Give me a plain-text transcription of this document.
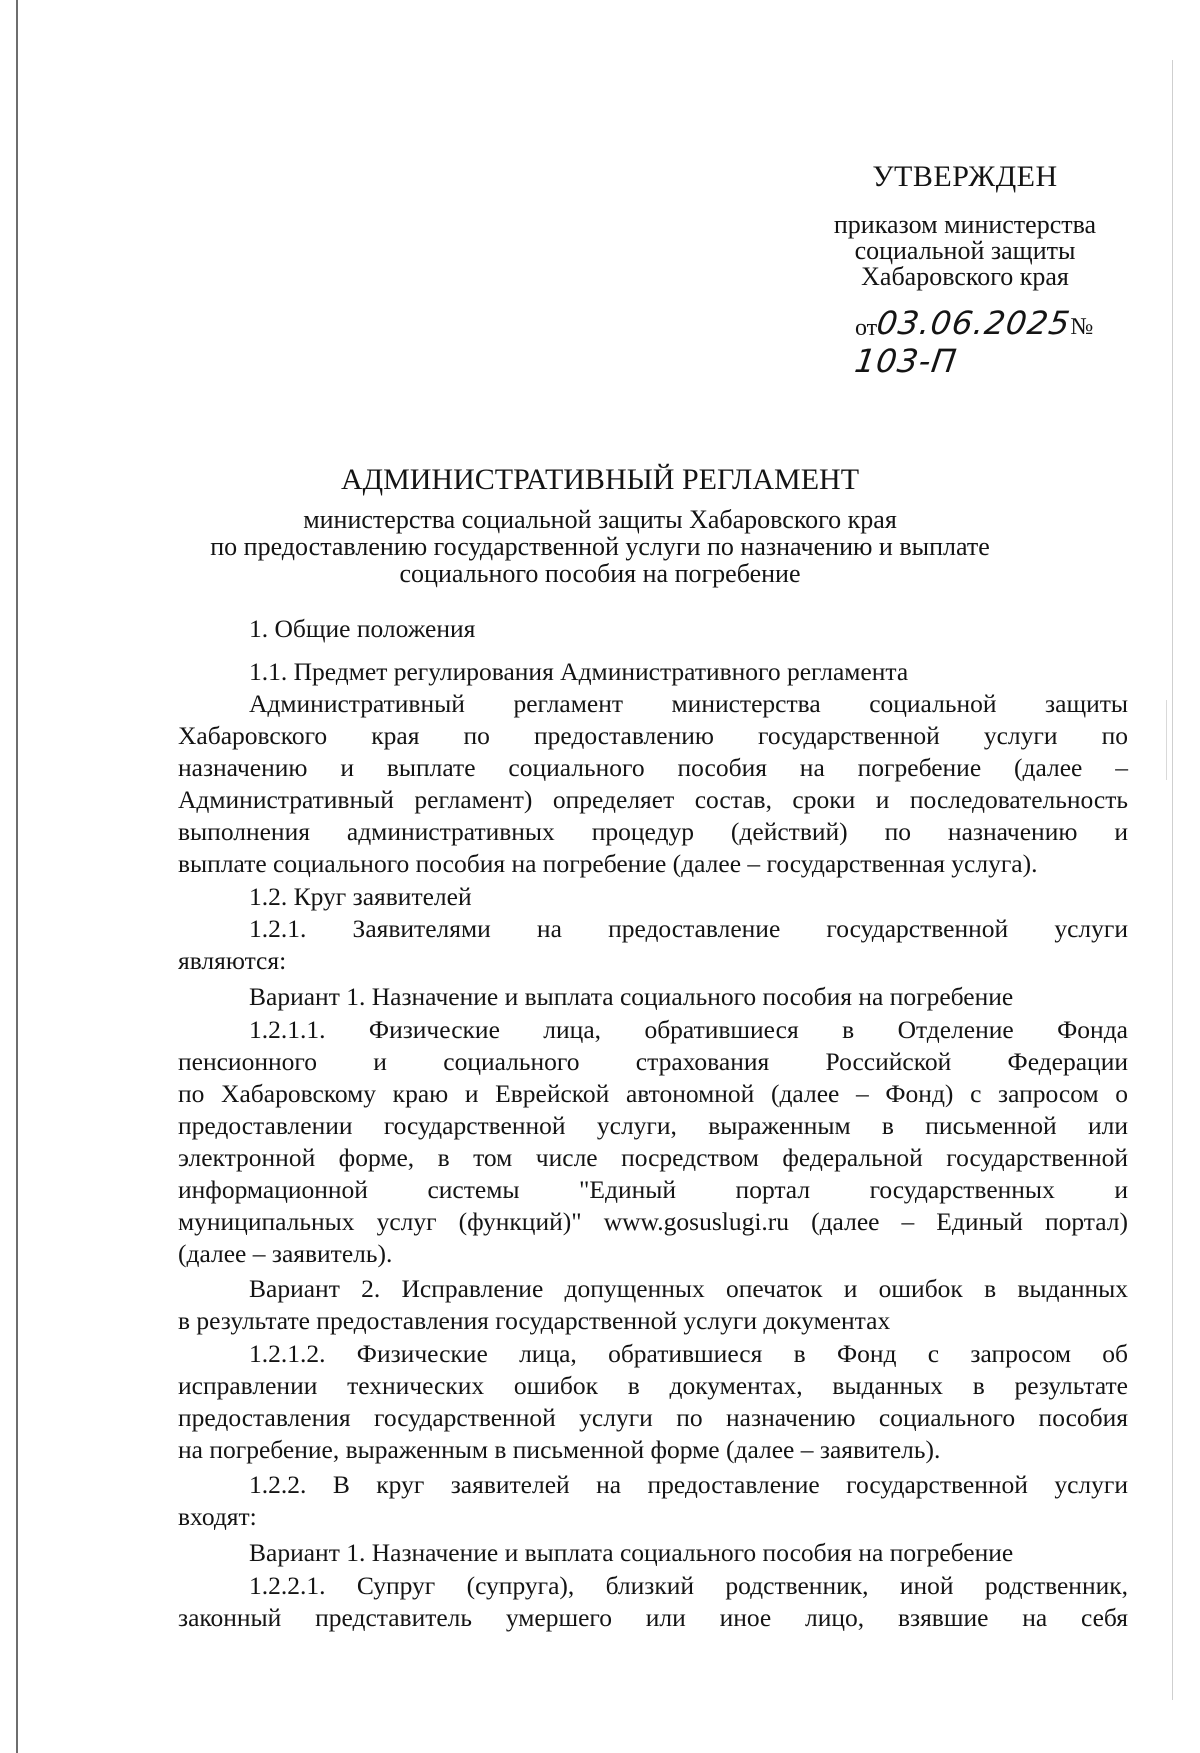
УТВЕРЖДЕН
приказом министерства
социальной защиты
Хабаровского края
от03.06.2025№ 103-П
АДМИНИСТРАТИВНЫЙ РЕГЛАМЕНТ
министерства социальной защиты Хабаровского края
по предоставлению государственной услуги по назначению и выплате
социального пособия на погребение
1. Общие положения
1.1. Предмет регулирования Административного регламента
Административный регламент министерства социальной защиты
Хабаровского края по предоставлению государственной услуги по
назначению и выплате социального пособия на погребение (далее –
Административный регламент) определяет состав, сроки и последовательность
выполнения административных процедур (действий) по назначению и
выплате социального пособия на погребение (далее – государственная услуга).
1.2. Круг заявителей
1.2.1. Заявителями на предоставление государственной услуги
являются:
Вариант 1. Назначение и выплата социального пособия на погребение
1.2.1.1. Физические лица, обратившиеся в Отделение Фонда
пенсионного и социального страхования Российской Федерации
по Хабаровскому краю и Еврейской автономной (далее – Фонд) с запросом о
предоставлении государственной услуги, выраженным в письменной или
электронной форме, в том числе посредством федеральной государственной
информационной системы "Единый портал государственных и
муниципальных услуг (функций)" www.gosuslugi.ru (далее – Единый портал)
(далее – заявитель).
Вариант 2. Исправление допущенных опечаток и ошибок в выданных
в результате предоставления государственной услуги документах
1.2.1.2. Физические лица, обратившиеся в Фонд с запросом об
исправлении технических ошибок в документах, выданных в результате
предоставления государственной услуги по назначению социального пособия
на погребение, выраженным в письменной форме (далее – заявитель).
1.2.2. В круг заявителей на предоставление государственной услуги
входят:
Вариант 1. Назначение и выплата социального пособия на погребение
1.2.2.1. Супруг (супруга), близкий родственник, иной родственник,
законный представитель умершего или иное лицо, взявшие на себя
